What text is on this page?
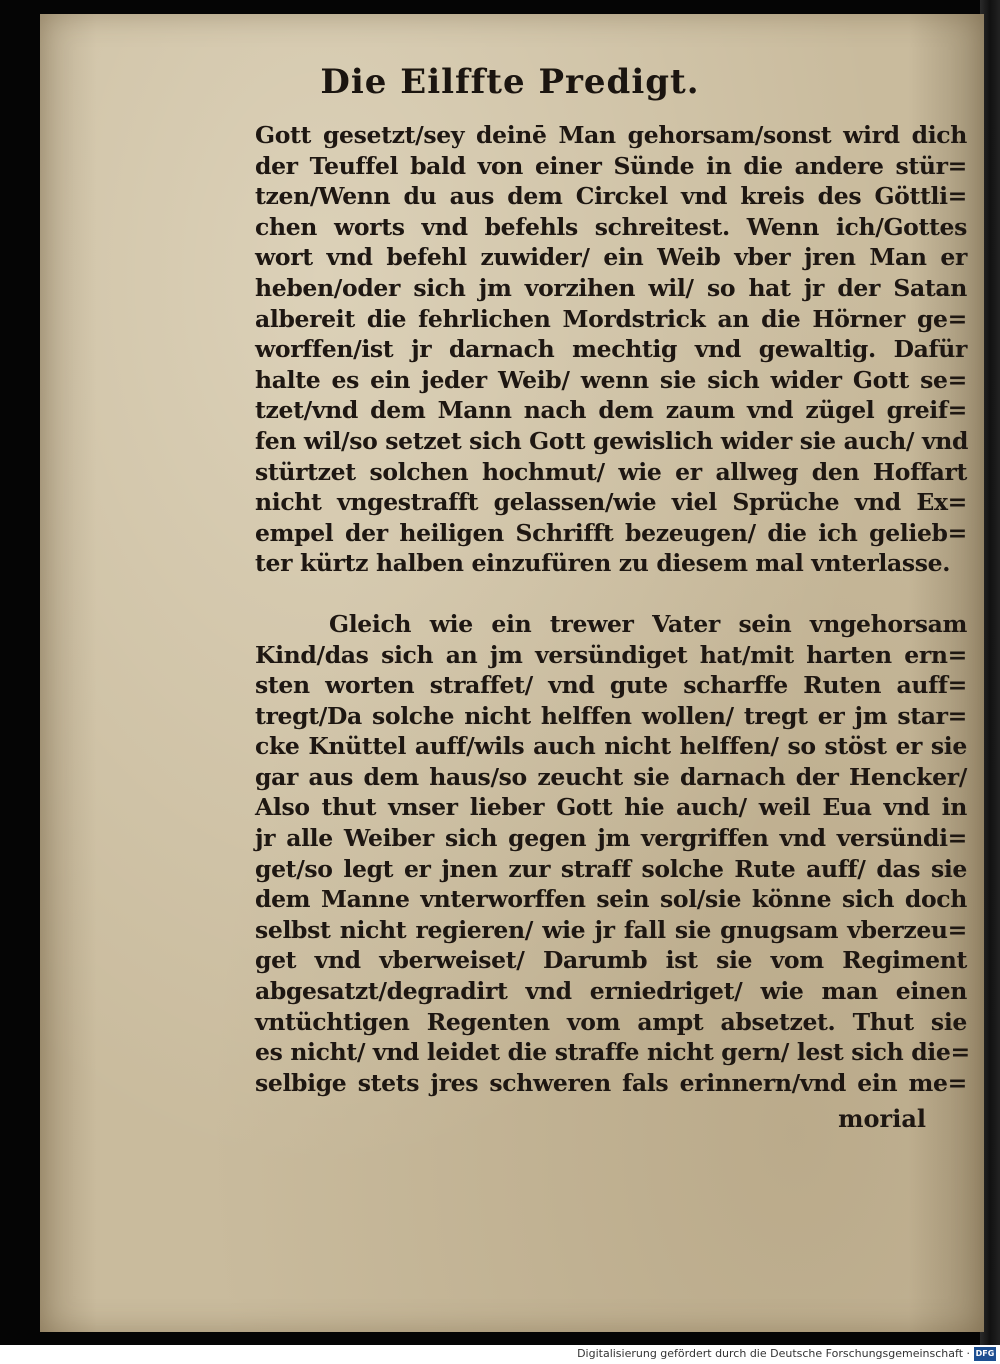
Die Eilffte Predigt.
Gott gesetzt/sey deinē Man gehorsam/sonst wird dich
der Teuffel bald von einer Sünde in die andere stür=
tzen/Wenn du aus dem Circkel vnd kreis des Göttli=
chen worts vnd befehls schreitest. Wenn ich/Gottes
wort vnd befehl zuwider/ ein Weib vber jren Man er
heben/oder sich jm vorzihen wil/ so hat jr der Satan
albereit die fehrlichen Mordstrick an die Hörner ge=
worffen/ist jr darnach mechtig vnd gewaltig. Dafür
halte es ein jeder Weib/ wenn sie sich wider Gott se=
tzet/vnd dem Mann nach dem zaum vnd zügel greif=
fen wil/so setzet sich Gott gewislich wider sie auch/ vnd
stürtzet solchen hochmut/ wie er allweg den Hoffart
nicht vngestrafft gelassen/wie viel Sprüche vnd Ex=
empel der heiligen Schrifft bezeugen/ die ich gelieb=
ter kürtz halben einzufüren zu diesem mal vnterlasse.
Gleich wie ein trewer Vater sein vngehorsam
Kind/das sich an jm versündiget hat/mit harten ern=
sten worten straffet/ vnd gute scharffe Ruten auff=
tregt/Da solche nicht helffen wollen/ tregt er jm star=
cke Knüttel auff/wils auch nicht helffen/ so stöst er sie
gar aus dem haus/so zeucht sie darnach der Hencker/
Also thut vnser lieber Gott hie auch/ weil Eua vnd in
jr alle Weiber sich gegen jm vergriffen vnd versündi=
get/so legt er jnen zur straff solche Rute auff/ das sie
dem Manne vnterworffen sein sol/sie könne sich doch
selbst nicht regieren/ wie jr fall sie gnugsam vberzeu=
get vnd vberweiset/ Darumb ist sie vom Regiment
abgesatzt/degradirt vnd erniedriget/ wie man einen
vntüchtigen Regenten vom ampt absetzet. Thut sie
es nicht/ vnd leidet die straffe nicht gern/ lest sich die=
selbige stets jres schweren fals erinnern/vnd ein me=
morial
Digitalisierung gefördert durch die Deutsche Forschungsgemeinschaft · DFG
